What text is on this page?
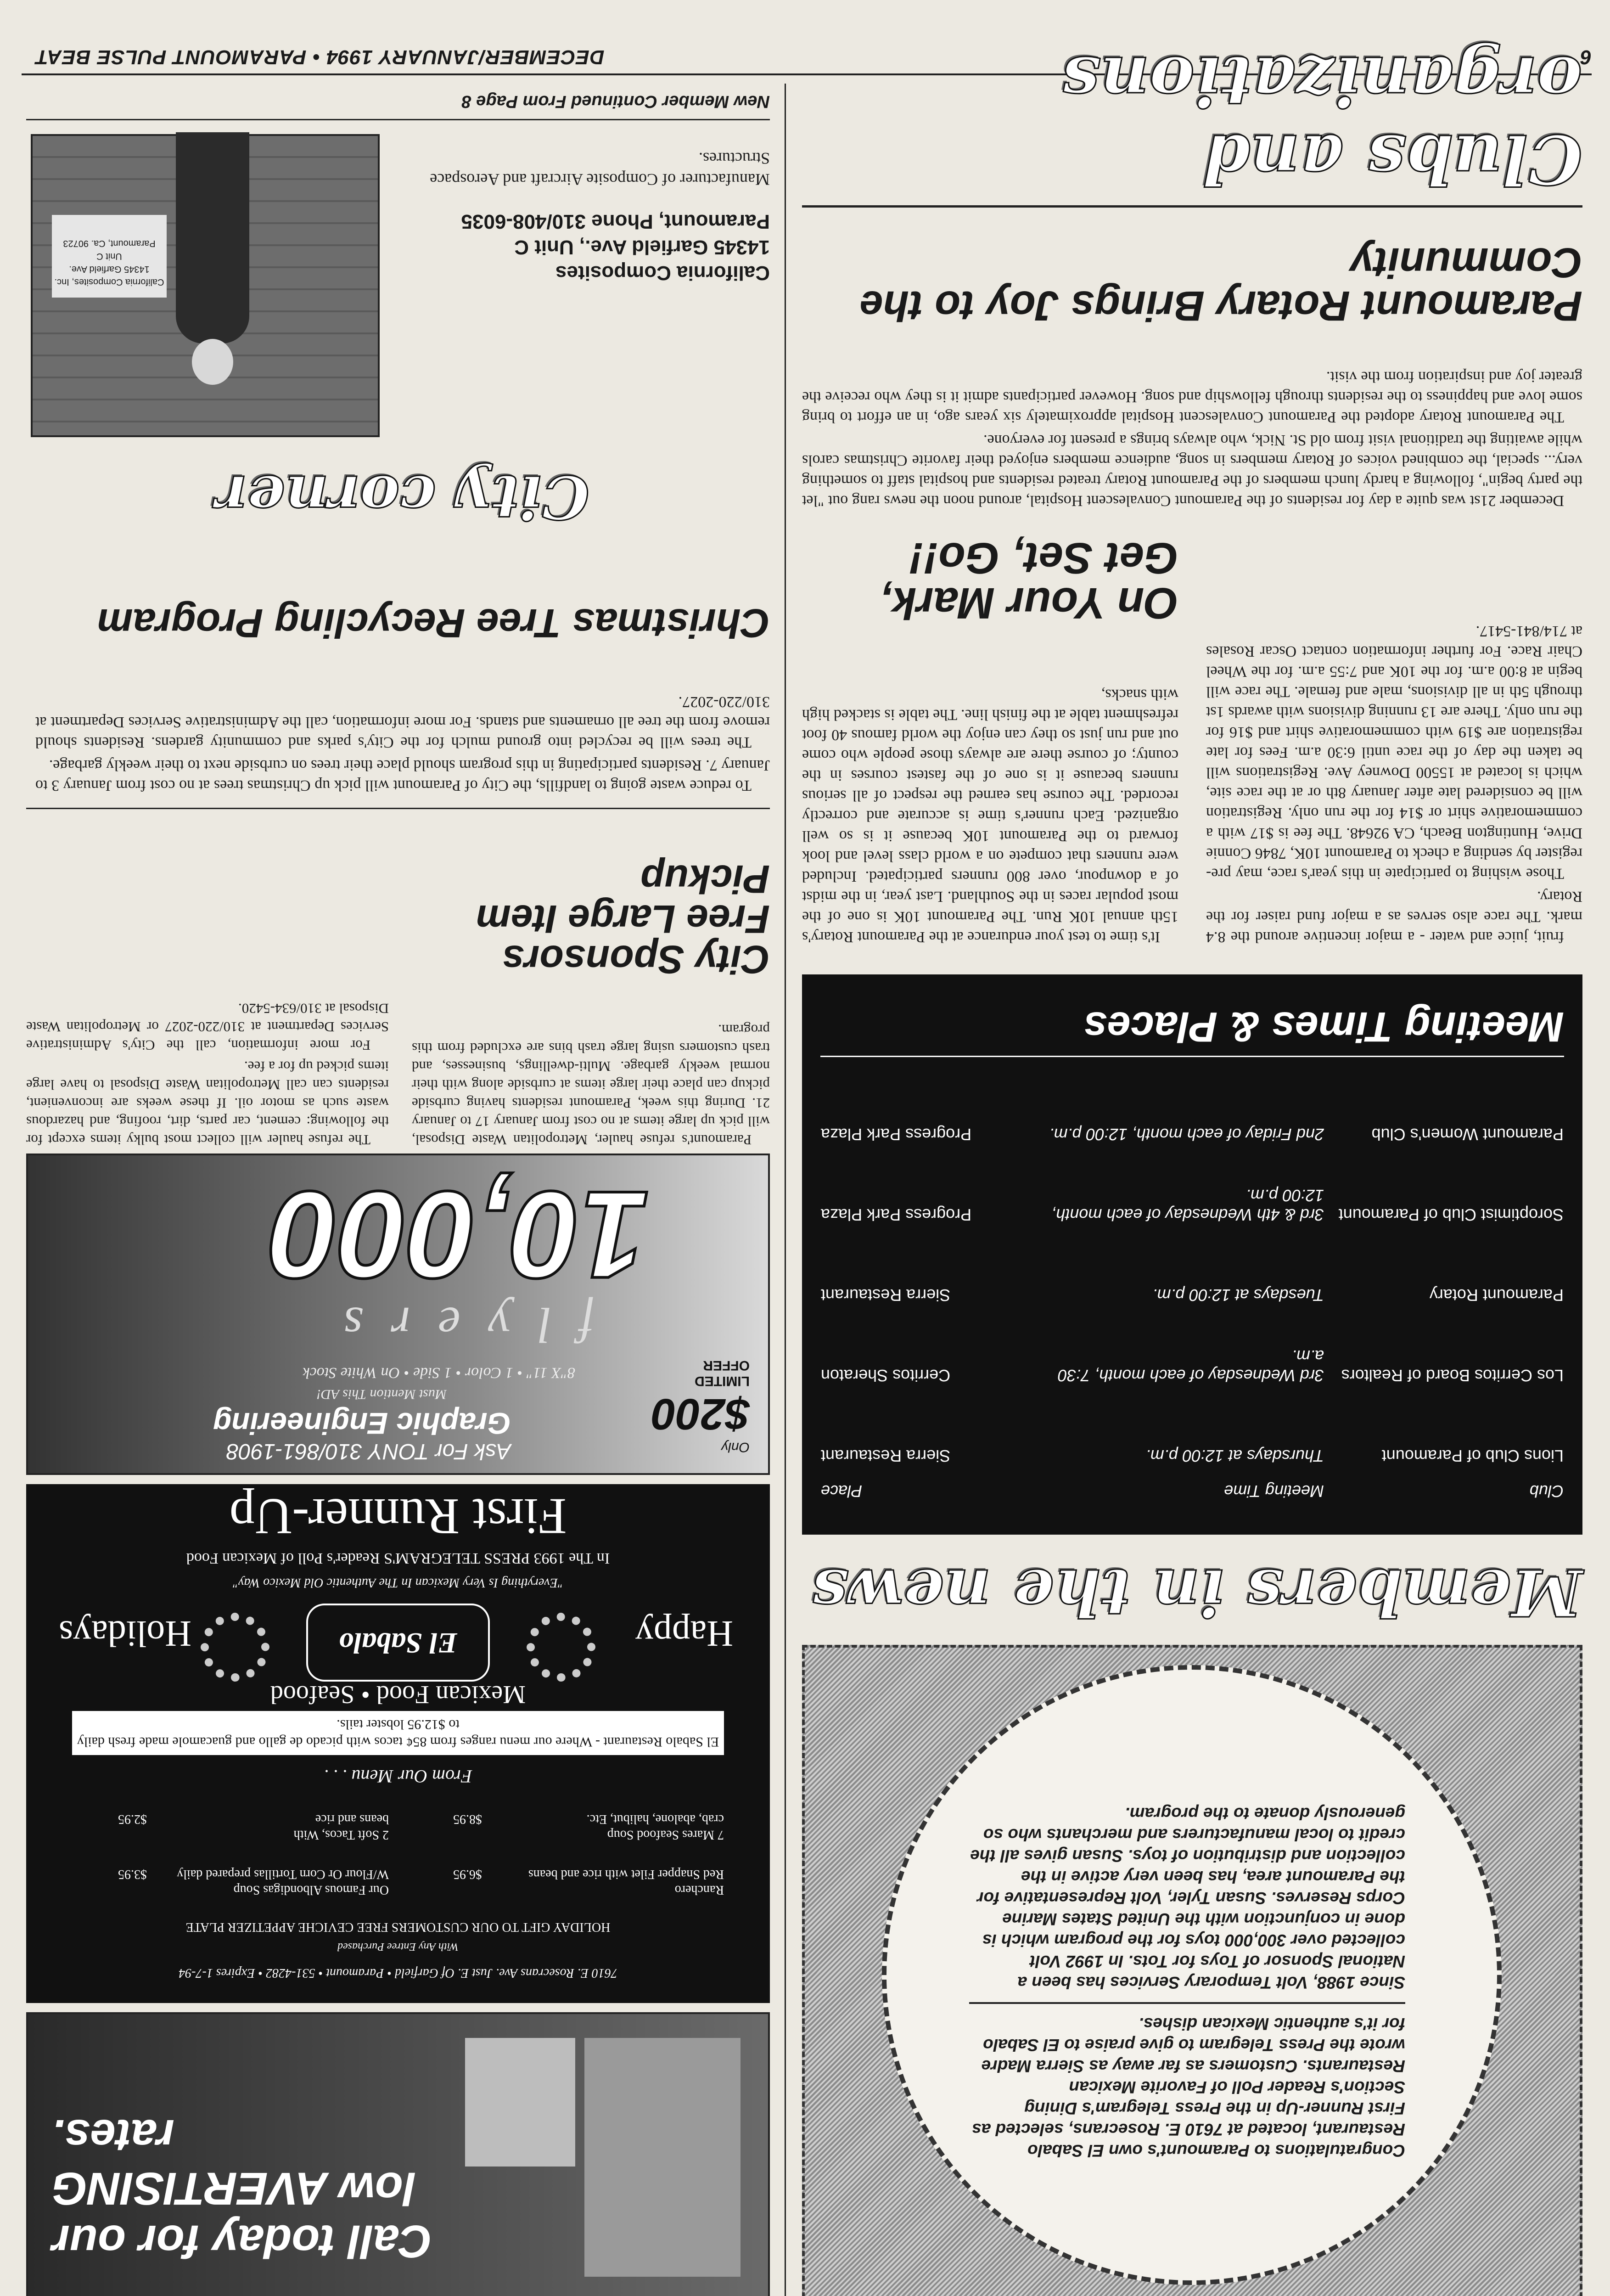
6
DECEMBER/JANUARY 1994 • PARAMOUNT PULSE BEAT
Clubs and organizations
Paramount Rotary Brings Joy to the Community

December 21st was quite a day for residents of the Paramount Convalescent Hospital, around noon the news rang out "let the party begin", following a hardy lunch members of the Paramount Rotary treated residents and hospital staff to something very... special, the combined voices of Rotary members in song, audience members enjoyed their favorite Christmas carols while awaiting the traditional visit from old St. Nick, who always brings a present for everyone.

The Paramount Rotary adopted the Paramount Convalescent Hospital approximately six years ago, in an effort to bring some love and happiness to the residents through fellowship and song. However participants admit it is they who receive the greater joy and inspiration from the visit.

fruit, juice and water - a major incentive around the 8.4 mark. The race also serves as a major fund raiser for the Rotary.

Those wishing to participate in this year's race, may pre-register by sending a check to Paramount 10K, 7846 Connie Drive, Huntington Beach, CA 92648. The fee is $17 with a commemorative shirt or $14 for the run only. Registration will be considered late after January 8th or at the race site, which is located at 15500 Downey Ave. Registrations will be taken the day of the race until 6:30 a.m. Fees for late registration are $19 with commemorative shirt and $16 for the run only. There are 13 running divisions with awards 1st through 5th in all divisions, male and female. The race will begin at 8:00 a.m. for the 10K and 7:55 a.m. for the Wheel Chair Race. For further information contact Oscar Rosales at 714/841-5417.

On Your Mark, Get Set, Go!!

It's time to test your endurance at the Paramount Rotary's 15th annual 10K Run. The Paramount 10K is one of the most popular races in the Southland. Last year, in the midst of a downpour, over 800 runners participated. Included were runners that compete on a world class level and look forward to the Paramount 10K because it is so well organized. Each runner's time is accurate and correctly recorded. The course has earned the respect of all serious runners because it is one of the fastest courses in the county; of course there are always those people who come out and run just so they can enjoy the world famous 40 foot refreshment table at the finish line. The table is stacked high with snacks,

Meeting Times & Places
Club	Meeting Time	Place
Lions Club of Paramount	Thursdays at 12:00 p.m.	Sierra Restaurant
Los Cerritos Board of Realtors	3rd Wednesday of each month, 7:30 a.m.	Cerritos Sheraton
Paramount Rotary	Tuesdays at 12:00 p.m.	Sierra Restaurant
Soroptimist Club of Paramount	3rd & 4th Wednesday of each month, 12:00 p.m.	Progress Park Plaza
Paramount Women's Club	2nd Friday of each month, 12:00 p.m.	Progress Park Plaza
Members in the news
Congratulations to Paramount's own El Sabalo Restaurant, located at 7610 E. Rosecrans, selected as First Runner-Up in the Press Telegram's Dining Section's Reader Poll of Favorite Mexican Restaurants. Customers as far away as Sierra Madre wrote the Press Telegram to give praise to El Sabalo for it's authentic Mexican dishes.
Since 1988, Volt Temporary Services has been a National Sponsor of Toys for Tots. In 1992 Volt collected over 300,000 toys for the program which is done in conjunction with the United States Marine Corps Reserves. Susan Tyler, Volt Representative for the Paramount area, has been very active in the collection and distribution of toys. Susan gives all the credit to local manufacturers and merchants who so generously donate to the program.
New Member Continued From Page 8
California Composites
14345 Garfield Ave., Unit C
Paramount, Phone 310/408-6035
Manufacturer of Composite Aircraft and Aerospace Structures.
California Composites, Inc.
14345 Garfield Ave.
Unit C
Paramount, Ca. 90723
City corner
Christmas Tree Recycling Program

To reduce waste going to landfills, the City of Paramount will pick up Christmas trees at no cost from January 3 to January 7. Residents participating in this program should place their trees on curbside next to their weekly garbage.

The trees will be recycled into ground mulch for the City's parks and community gardens. Residents should remove from the tree all ornaments and stands. For more information, call the Administrative Services Department at 310/220-2027.

City Sponsors Free Large Item Pickup

Paramount's refuse hauler, Metropolitan Waste Disposal, will pick up large items at no cost from January 17 to January 21. During this week, Paramount residents having curbside pickup can place their large items at curbside along with their normal weekly garbage. Multi-dwellings, businesses, and trash customers using large trash bins are excluded from this program.

The refuse hauler will collect most bulky items except for the following: cement, car parts, dirt, roofing, and hazardous waste such as motor oil. If these weeks are inconvenient, residents can call Metropolitan Waste Disposal to have large items picked up for a fee.

For more information, call the City's Administrative Services Department at 310/220-2027 or Metropolitan Waste Disposal at 310/634-5420.

Only
$200
LIMITED OFFER
10,000
flyers
8"X 11" • 1 Color • 1 Side • On White Stock
Must Mention This AD!
Graphic Engineering
Ask For TONY 310/861-1908
First Runner-Up
In The 1993 PRESS TELEGRAM'S Reader's Poll of Mexican Food
"Everything Is Very Mexican In The Authentic Old Mexico Way"
Happy
El Sabalo
Holidays
Mexican Food • Seafood
El Sabalo Restaurant - Where our menu ranges from 85¢ tacos with picado de gallo and guacamole made fresh daily to $12.95 lobster tails.
From Our Menu . . .
Ranchero
Red Snapper Filet with rice and beans $6.95
Our Famous Albondigas Soup
W/Flour Or Corn Tortillas prepared daily $3.95
7 Mares Seafood Soup
crab, abalone, halibut, Etc. $8.95
2 Soft Tacos, With
beans and rice $2.95
HOLIDAY GIFT TO OUR CUSTOMERS FREE CEVICHE APPETIZER PLATE
With Any Entree Purchased
7610 E. Rosecrans Ave. Just E. Of Garfield • Paramount • 531-4282 • Expires 1-7-94
Call today for our low AVERTISING rates.
